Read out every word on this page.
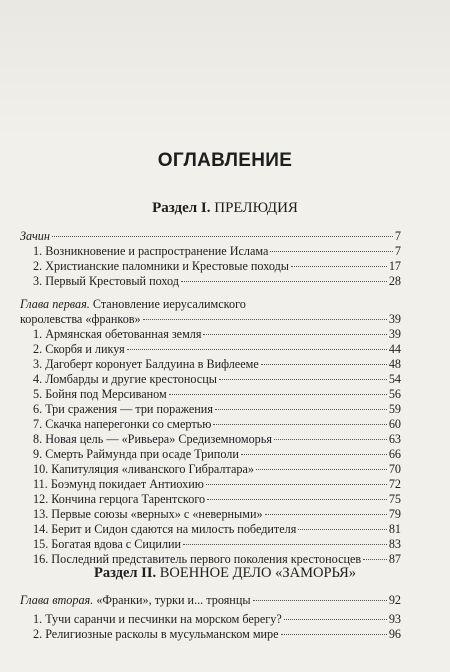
ОГЛАВЛЕНИЕ
Раздел I. ПРЕЛЮДИЯ
Зачин	7
1. Возникновение и распространение Ислама	7
2. Христианские паломники и Крестовые походы	17
3. Первый Крестовый поход	28
Глава первая. Становление иерусалимского
королевства «франков»	39
1. Армянская обетованная земля	39
2. Скорбя и ликуя	44
3. Дагоберт коронует Балдуина в Вифлееме	48
4. Ломбарды и другие крестоносцы	54
5. Бойня под Мерсиваном	56
6. Три сражения — три поражения	59
7. Скачка наперегонки со смертью	60
8. Новая цель — «Ривьера» Средиземноморья	63
9. Смерть Раймунда при осаде Триполи	66
10. Капитуляция «ливанского Гибралтара»	70
11. Боэмунд покидает Антиохию	72
12. Кончина герцога Тарентского	75
13. Первые союзы «верных» с «неверными»	79
14. Берит и Сидон сдаются на милость победителя	81
15. Богатая вдова с Сицилии	83
16. Последний представитель первого поколения крестоносцев 87
Раздел II. ВОЕННОЕ ДЕЛО «ЗАМОРЬЯ»
Глава вторая. «Франки», турки и... троянцы	92
1. Тучи саранчи и песчинки на морском берегу?	93
2. Религиозные расколы в мусульманском мире	96
